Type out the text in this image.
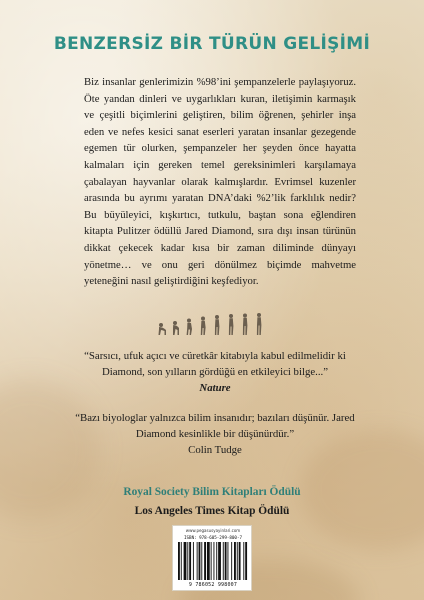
BENZERSİZ BİR TÜRÜN GELİŞİMİ

Biz insanlar genlerimizin %98’ini şempanzelerle paylaşıyoruz. Öte yandan dinleri ve uygarlıkları kuran, iletişimin karmaşık ve çeşitli biçimlerini geliştiren, bilim öğrenen, şehirler inşa eden ve nefes kesici sanat eserleri yaratan insanlar gezegende egemen tür olurken, şempanzeler her şeyden önce hayatta kalmaları için gereken temel gereksinimleri karşılamaya çabalayan hayvanlar olarak kalmışlardır. Evrimsel kuzenler arasında bu ayrımı yaratan DNA’daki %2’lik farklılık nedir? Bu büyüleyici, kışkırtıcı, tutkulu, baştan sona eğlendiren kitapta Pulitzer ödüllü Jared Diamond, sıra dışı insan türünün dikkat çekecek kadar kısa bir zaman diliminde dünyayı yönetme… ve onu geri dönülmez biçimde mahvetme yeteneğini nasıl geliştirdiğini keşfediyor.

“Sarsıcı, ufuk açıcı ve cüretkâr kitabıyla kabul edilmelidir ki Diamond, son yılların gördüğü en etkileyici bilge...”

Nature

“Bazı biyologlar yalnızca bilim insanıdır; bazıları düşünür. Jared Diamond kesinlikle bir düşünürdür.”

Colin Tudge

Royal Society Bilim Kitapları Ödülü

Los Angeles Times Kitap Ödülü

www.pegasusyayinlari.com
ISBN: 978-605-299-800-7
9 786052 998007
